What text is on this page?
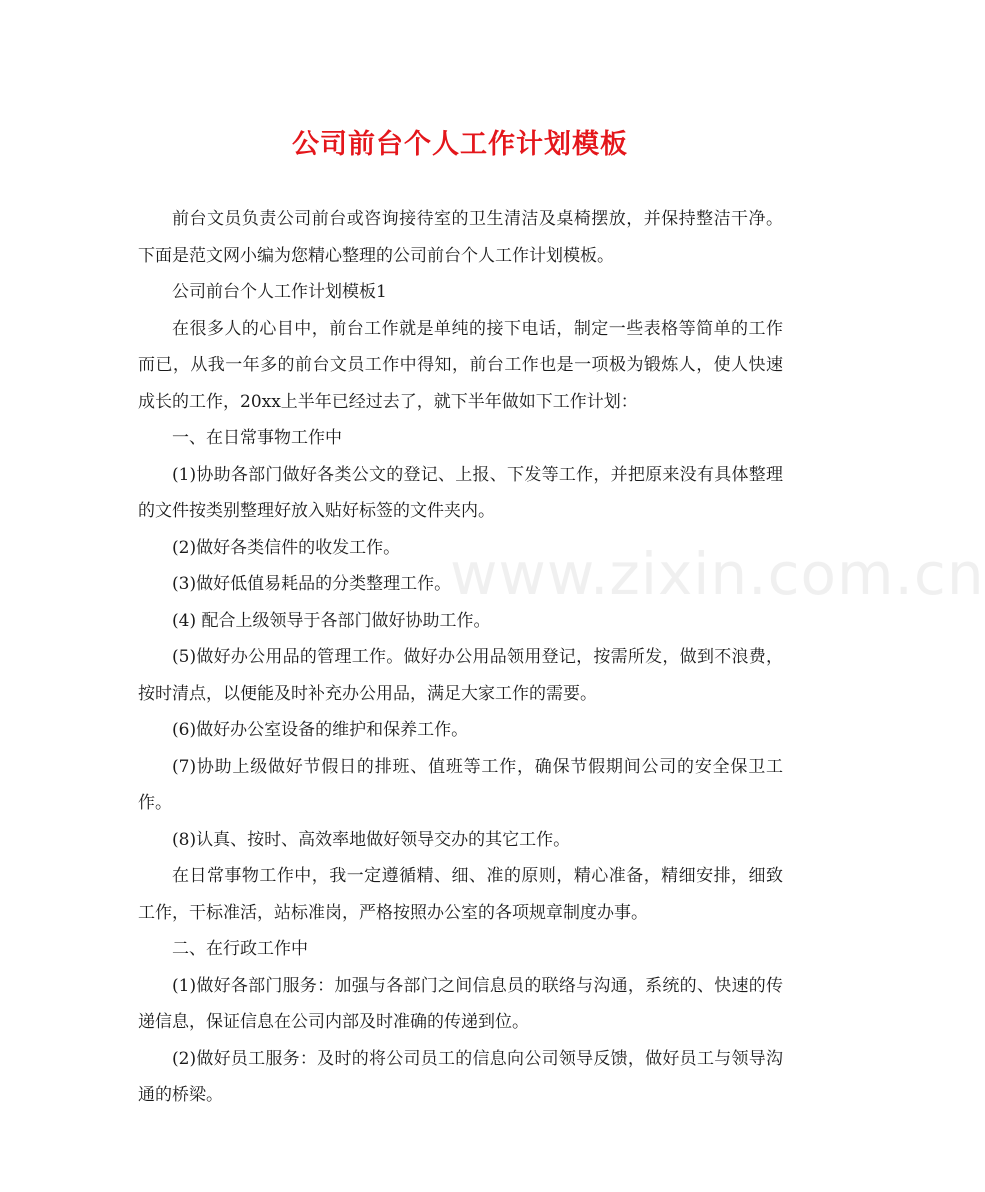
公司前台个人工作计划模板

前台文员负责公司前台或咨询接待室的卫生清洁及桌椅摆放，并保持整洁干净。下面是范文网小编为您精心整理的公司前台个人工作计划模板。

公司前台个人工作计划模板1

在很多人的心目中，前台工作就是单纯的接下电话，制定一些表格等简单的工作而已，从我一年多的前台文员工作中得知，前台工作也是一项极为锻炼人，使人快速成长的工作，20xx上半年已经过去了，就下半年做如下工作计划：

一、在日常事物工作中

(1)协助各部门做好各类公文的登记、上报、下发等工作，并把原来没有具体整理的文件按类别整理好放入贴好标签的文件夹内。

(2)做好各类信件的收发工作。

(3)做好低值易耗品的分类整理工作。

(4) 配合上级领导于各部门做好协助工作。

(5)做好办公用品的管理工作。做好办公用品领用登记，按需所发，做到不浪费，按时清点，以便能及时补充办公用品，满足大家工作的需要。

(6)做好办公室设备的维护和保养工作。

(7)协助上级做好节假日的排班、值班等工作，确保节假期间公司的安全保卫工作。

(8)认真、按时、高效率地做好领导交办的其它工作。

在日常事物工作中，我一定遵循精、细、准的原则，精心准备，精细安排，细致工作，干标准活，站标准岗，严格按照办公室的各项规章制度办事。

二、在行政工作中

(1)做好各部门服务：加强与各部门之间信息员的联络与沟通，系统的、快速的传递信息，保证信息在公司内部及时准确的传递到位。

(2)做好员工服务：及时的将公司员工的信息向公司领导反馈，做好员工与领导沟通的桥梁。

www.zixin.com.cn
